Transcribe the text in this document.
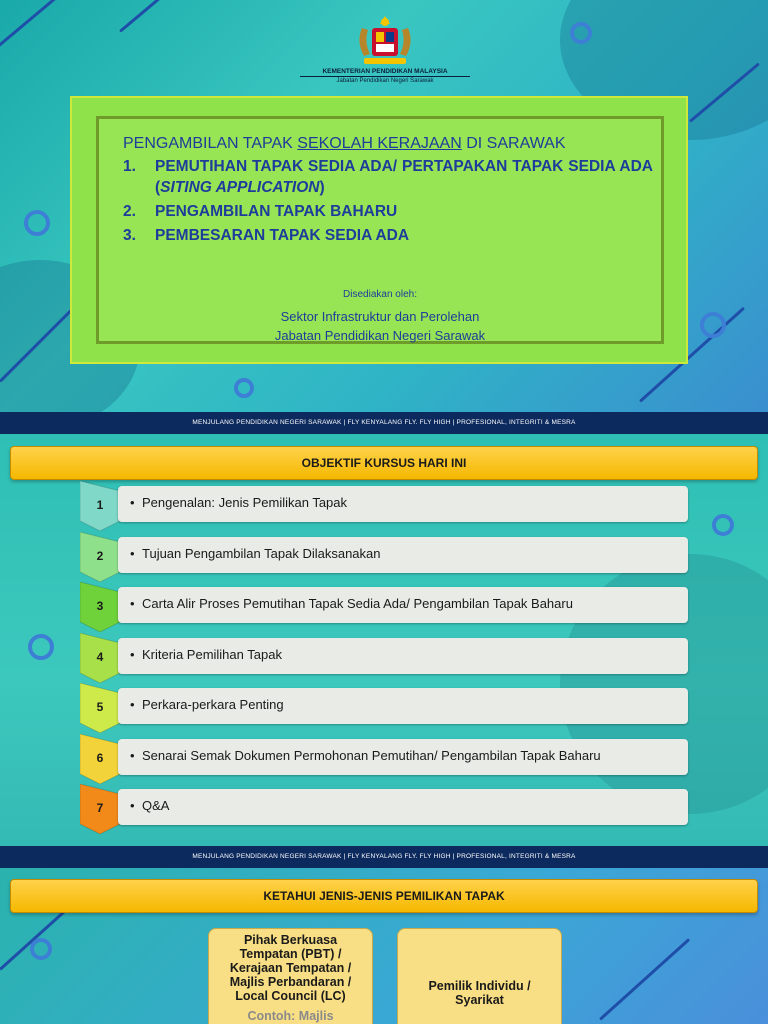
KEMENTERIAN PENDIDIKAN MALAYSIA
Jabatan Pendidikan Negeri Sarawak
PENGAMBILAN TAPAK SEKOLAH KERAJAAN DI SARAWAK
1.	PEMUTIHAN TAPAK SEDIA ADA/ PERTAPAKAN TAPAK SEDIA ADA (SITING APPLICATION)
2.	PENGAMBILAN TAPAK BAHARU
3.	PEMBESARAN TAPAK SEDIA ADA
Disediakan oleh:
Sektor Infrastruktur dan Perolehan
Jabatan Pendidikan Negeri Sarawak
MENJULANG PENDIDIKAN NEGERI SARAWAK | FLY KENYALANG FLY. FLY HIGH | PROFESIONAL, INTEGRITI & MESRA
OBJEKTIF KURSUS HARI INI
1	• Pengenalan: Jenis Pemilikan Tapak
2	• Tujuan Pengambilan Tapak Dilaksanakan
3	• Carta Alir Proses Pemutihan Tapak Sedia Ada/ Pengambilan Tapak Baharu
4	• Kriteria Pemilihan Tapak
5	• Perkara-perkara Penting
6	• Senarai Semak Dokumen Permohonan Pemutihan/ Pengambilan Tapak Baharu
7	• Q&A
MENJULANG PENDIDIKAN NEGERI SARAWAK | FLY KENYALANG FLY. FLY HIGH | PROFESIONAL, INTEGRITI & MESRA
KETAHUI JENIS-JENIS PEMILIKAN TAPAK
Pihak Berkuasa
Tempatan (PBT) /
Kerajaan Tempatan /
Majlis Perbandaran /
Local Council (LC)
Contoh: Majlis
Pemilik Individu /
Syarikat
